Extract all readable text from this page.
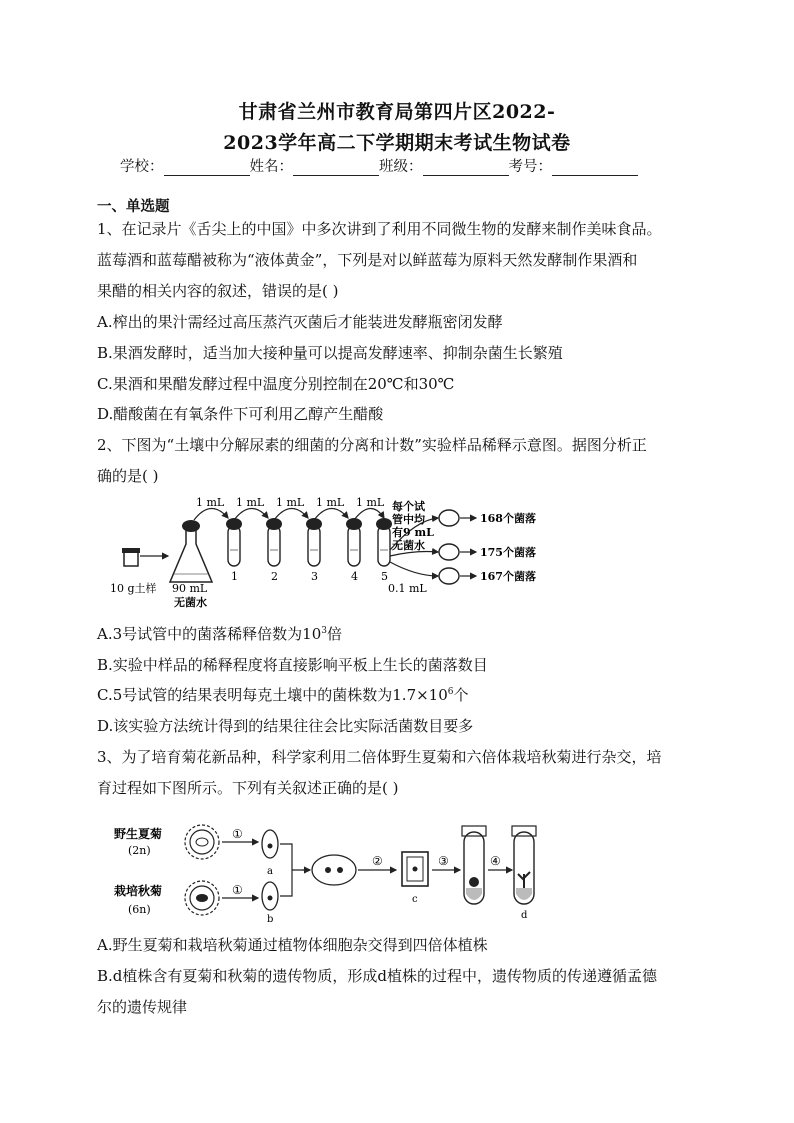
甘肃省兰州市教育局第四片区2022-
2023学年高二下学期期末考试生物试卷
学校：	姓名：	班级：	考号：
一、单选题
1、在记录片《舌尖上的中国》中多次讲到了利用不同微生物的发酵来制作美味食品。
蓝莓酒和蓝莓醋被称为“液体黄金”，下列是对以鲜蓝莓为原料天然发酵制作果酒和
果醋的相关内容的叙述，错误的是( )
A.榨出的果汁需经过高压蒸汽灭菌后才能装进发酵瓶密闭发酵
B.果酒发酵时，适当加大接种量可以提高发酵速率、抑制杂菌生长繁殖
C.果酒和果醋发酵过程中温度分别控制在20℃和30℃
D.醋酸菌在有氧条件下可利用乙醇产生醋酸
2、下图为“土壤中分解尿素的细菌的分离和计数”实验样品稀释示意图。据图分析正
确的是( )
1 mL 1 mL 1 mL 1 mL 1 mL
1	2	3	4 5
每个试
管中均
有9 mL
无菌水
168个菌落
175个菌落
167个菌落
10 g土样 90 mL
无菌水
0.1 mL
A.3号试管中的菌落稀释倍数为$10^3$倍
B.实验中样品的稀释程度将直接影响平板上生长的菌落数目
C.5号试管的结果表明每克土壤中的菌株数为$1.7\times 10^6$个
D.该实验方法统计得到的结果往往会比实际活菌数目要多
3、为了培育菊花新品种，科学家利用二倍体野生夏菊和六倍体栽培秋菊进行杂交，培
育过程如下图所示。下列有关叙述正确的是( )
野生夏菊
(2n)
栽培秋菊
(6n)
①
①
a
b
②
c
③	④
d
A.野生夏菊和栽培秋菊通过植物体细胞杂交得到四倍体植株
B.d植株含有夏菊和秋菊的遗传物质，形成d植株的过程中，遗传物质的传递遵循孟德
尔的遗传规律
